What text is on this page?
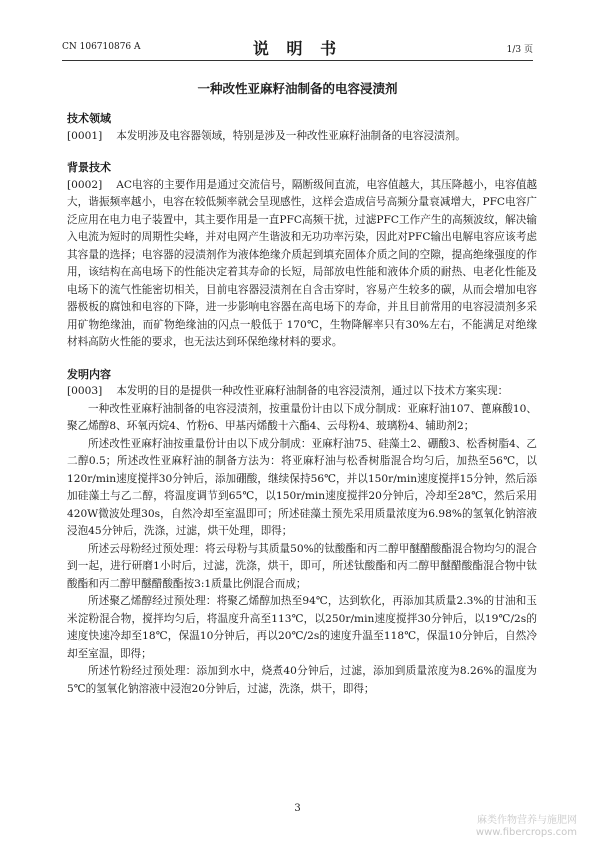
CN 106710876 A	说 明 书	1/3 页
一种改性亚麻籽油制备的电容浸渍剂
技术领域

[0001] 本发明涉及电容器领域，特别是涉及一种改性亚麻籽油制备的电容浸渍剂。

背景技术

[0002] AC电容的主要作用是通过交流信号，隔断级间直流，电容值越大，其压降越小，电容值越大，谐振频率越小，电容在较低频率就会呈现感性，这样会造成信号高频分量衰减增大，PFC电容广泛应用在电力电子装置中，其主要作用是一直PFC高频干扰，过滤PFC工作产生的高频波纹，解决输入电流为短时的周期性尖峰，并对电网产生谐波和无功功率污染，因此对PFC输出电解电容应该考虑其容量的选择；电容器的浸渍剂作为液体绝缘介质起到填充固体介质之间的空隙，提高绝缘强度的作用，该结构在高电场下的性能决定着其寿命的长短，局部放电性能和液体介质的耐热、电老化性能及电场下的流气性能密切相关，目前电容器浸渍剂在自含击穿时，容易产生较多的碳，从而会增加电容器极板的腐蚀和电容的下降，进一步影响电容器在高电场下的寿命，并且目前常用的电容浸渍剂多采用矿物绝缘油，而矿物绝缘油的闪点一般低于 170℃，生物降解率只有30%左右，不能满足对绝缘材料高防火性能的要求，也无法达到环保绝缘材料的要求。

发明内容

[0003] 本发明的目的是提供一种改性亚麻籽油制备的电容浸渍剂，通过以下技术方案实现：

一种改性亚麻籽油制备的电容浸渍剂，按重量份计由以下成分制成：亚麻籽油107、蓖麻酸10、聚乙烯醇8、环氧丙烷4、竹粉6、甲基丙烯酸十六酯4、云母粉4、玻璃粉4、辅助剂2；

所述改性亚麻籽油按重量份计由以下成分制成：亚麻籽油75、硅藻土2、硼酸3、松香树脂4、乙二醇0.5；所述改性亚麻籽油的制备方法为：将亚麻籽油与松香树脂混合均匀后，加热至56℃，以120r/min速度搅拌30分钟后，添加硼酸，继续保持56℃，并以150r/min速度搅拌15分钟，然后添加硅藻土与乙二醇，将温度调节到65℃，以150r/min速度搅拌20分钟后，冷却至28℃，然后采用420W微波处理30s，自然冷却至室温即可；所述硅藻土预先采用质量浓度为6.98%的氢氧化钠溶液浸泡45分钟后，洗涤，过滤，烘干处理，即得；

所述云母粉经过预处理：将云母粉与其质量50%的钛酸酯和丙二醇甲醚醋酸酯混合物均匀的混合到一起，进行研磨1小时后，过滤，洗涤，烘干，即可，所述钛酸酯和丙二醇甲醚醋酸酯混合物中钛酸酯和丙二醇甲醚醋酸酯按3:1质量比例混合而成；

所述聚乙烯醇经过预处理：将聚乙烯醇加热至94℃，达到软化，再添加其质量2.3%的甘油和玉米淀粉混合物，搅拌均匀后，将温度升高至113℃，以250r/min速度搅拌30分钟后，以19℃/2s的速度快速冷却至18℃，保温10分钟后，再以20℃/2s的速度升温至118℃，保温10分钟后，自然冷却至室温，即得；

所述竹粉经过预处理：添加到水中，烧煮40分钟后，过滤，添加到质量浓度为8.26%的温度为5℃的氢氧化钠溶液中浸泡20分钟后，过滤，洗涤，烘干，即得；

3
麻类作物营养与施肥网
www.fibercrops.com
